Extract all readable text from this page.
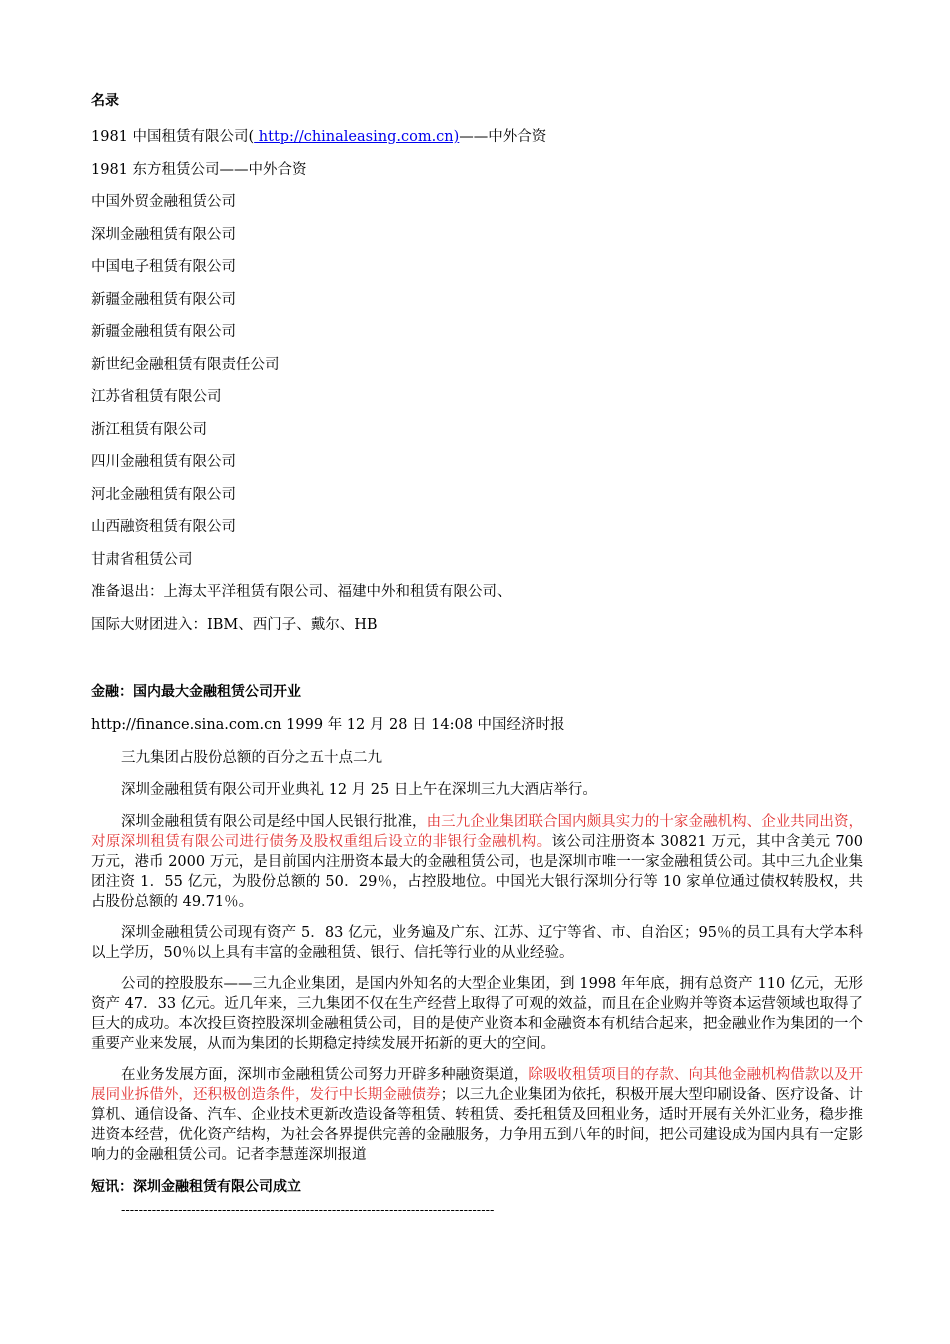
名录

1981 中国租赁有限公司( http://chinaleasing.com.cn)——中外合资

1981 东方租赁公司——中外合资

中国外贸金融租赁公司

深圳金融租赁有限公司

中国电子租赁有限公司

新疆金融租赁有限公司

新疆金融租赁有限公司

新世纪金融租赁有限责任公司

江苏省租赁有限公司

浙江租赁有限公司

四川金融租赁有限公司

河北金融租赁有限公司

山西融资租赁有限公司

甘肃省租赁公司

准备退出：上海太平洋租赁有限公司、福建中外和租赁有限公司、

国际大财团进入：IBM、西门子、戴尔、HB

金融：国内最大金融租赁公司开业

http://finance.sina.com.cn 1999 年 12 月 28 日 14:08 中国经济时报

三九集团占股份总额的百分之五十点二九

深圳金融租赁有限公司开业典礼 12 月 25 日上午在深圳三九大酒店举行。

深圳金融租赁有限公司是经中国人民银行批准，由三九企业集团联合国内颇具实力的十家金融机构、企业共同出资，对原深圳租赁有限公司进行债务及股权重组后设立的非银行金融机构。该公司注册资本 30821 万元，其中含美元 700 万元，港币 2000 万元，是目前国内注册资本最大的金融租赁公司，也是深圳市唯一一家金融租赁公司。其中三九企业集团注资 1．55 亿元，为股份总额的 50．29％，占控股地位。中国光大银行深圳分行等 10 家单位通过债权转股权，共占股份总额的 49.71％。

深圳金融租赁公司现有资产 5．83 亿元，业务遍及广东、江苏、辽宁等省、市、自治区；95％的员工具有大学本科以上学历，50％以上具有丰富的金融租赁、银行、信托等行业的从业经验。

公司的控股股东——三九企业集团，是国内外知名的大型企业集团，到 1998 年年底，拥有总资产 110 亿元，无形资产 47．33 亿元。近几年来，三九集团不仅在生产经营上取得了可观的效益，而且在企业购并等资本运营领域也取得了巨大的成功。本次投巨资控股深圳金融租赁公司，目的是使产业资本和金融资本有机结合起来，把金融业作为集团的一个重要产业来发展，从而为集团的长期稳定持续发展开拓新的更大的空间。

在业务发展方面，深圳市金融租赁公司努力开辟多种融资渠道，除吸收租赁项目的存款、向其他金融机构借款以及开展同业拆借外，还积极创造条件，发行中长期金融债券；以三九企业集团为依托，积极开展大型印刷设备、医疗设备、计算机、通信设备、汽车、企业技术更新改造设备等租赁、转租赁、委托租赁及回租业务，适时开展有关外汇业务，稳步推进资本经营，优化资产结构，为社会各界提供完善的金融服务，力争用五到八年的时间，把公司建设成为国内具有一定影响力的金融租赁公司。记者李慧莲深圳报道

短讯：深圳金融租赁有限公司成立

-------------------------------------------------------------------------------------
